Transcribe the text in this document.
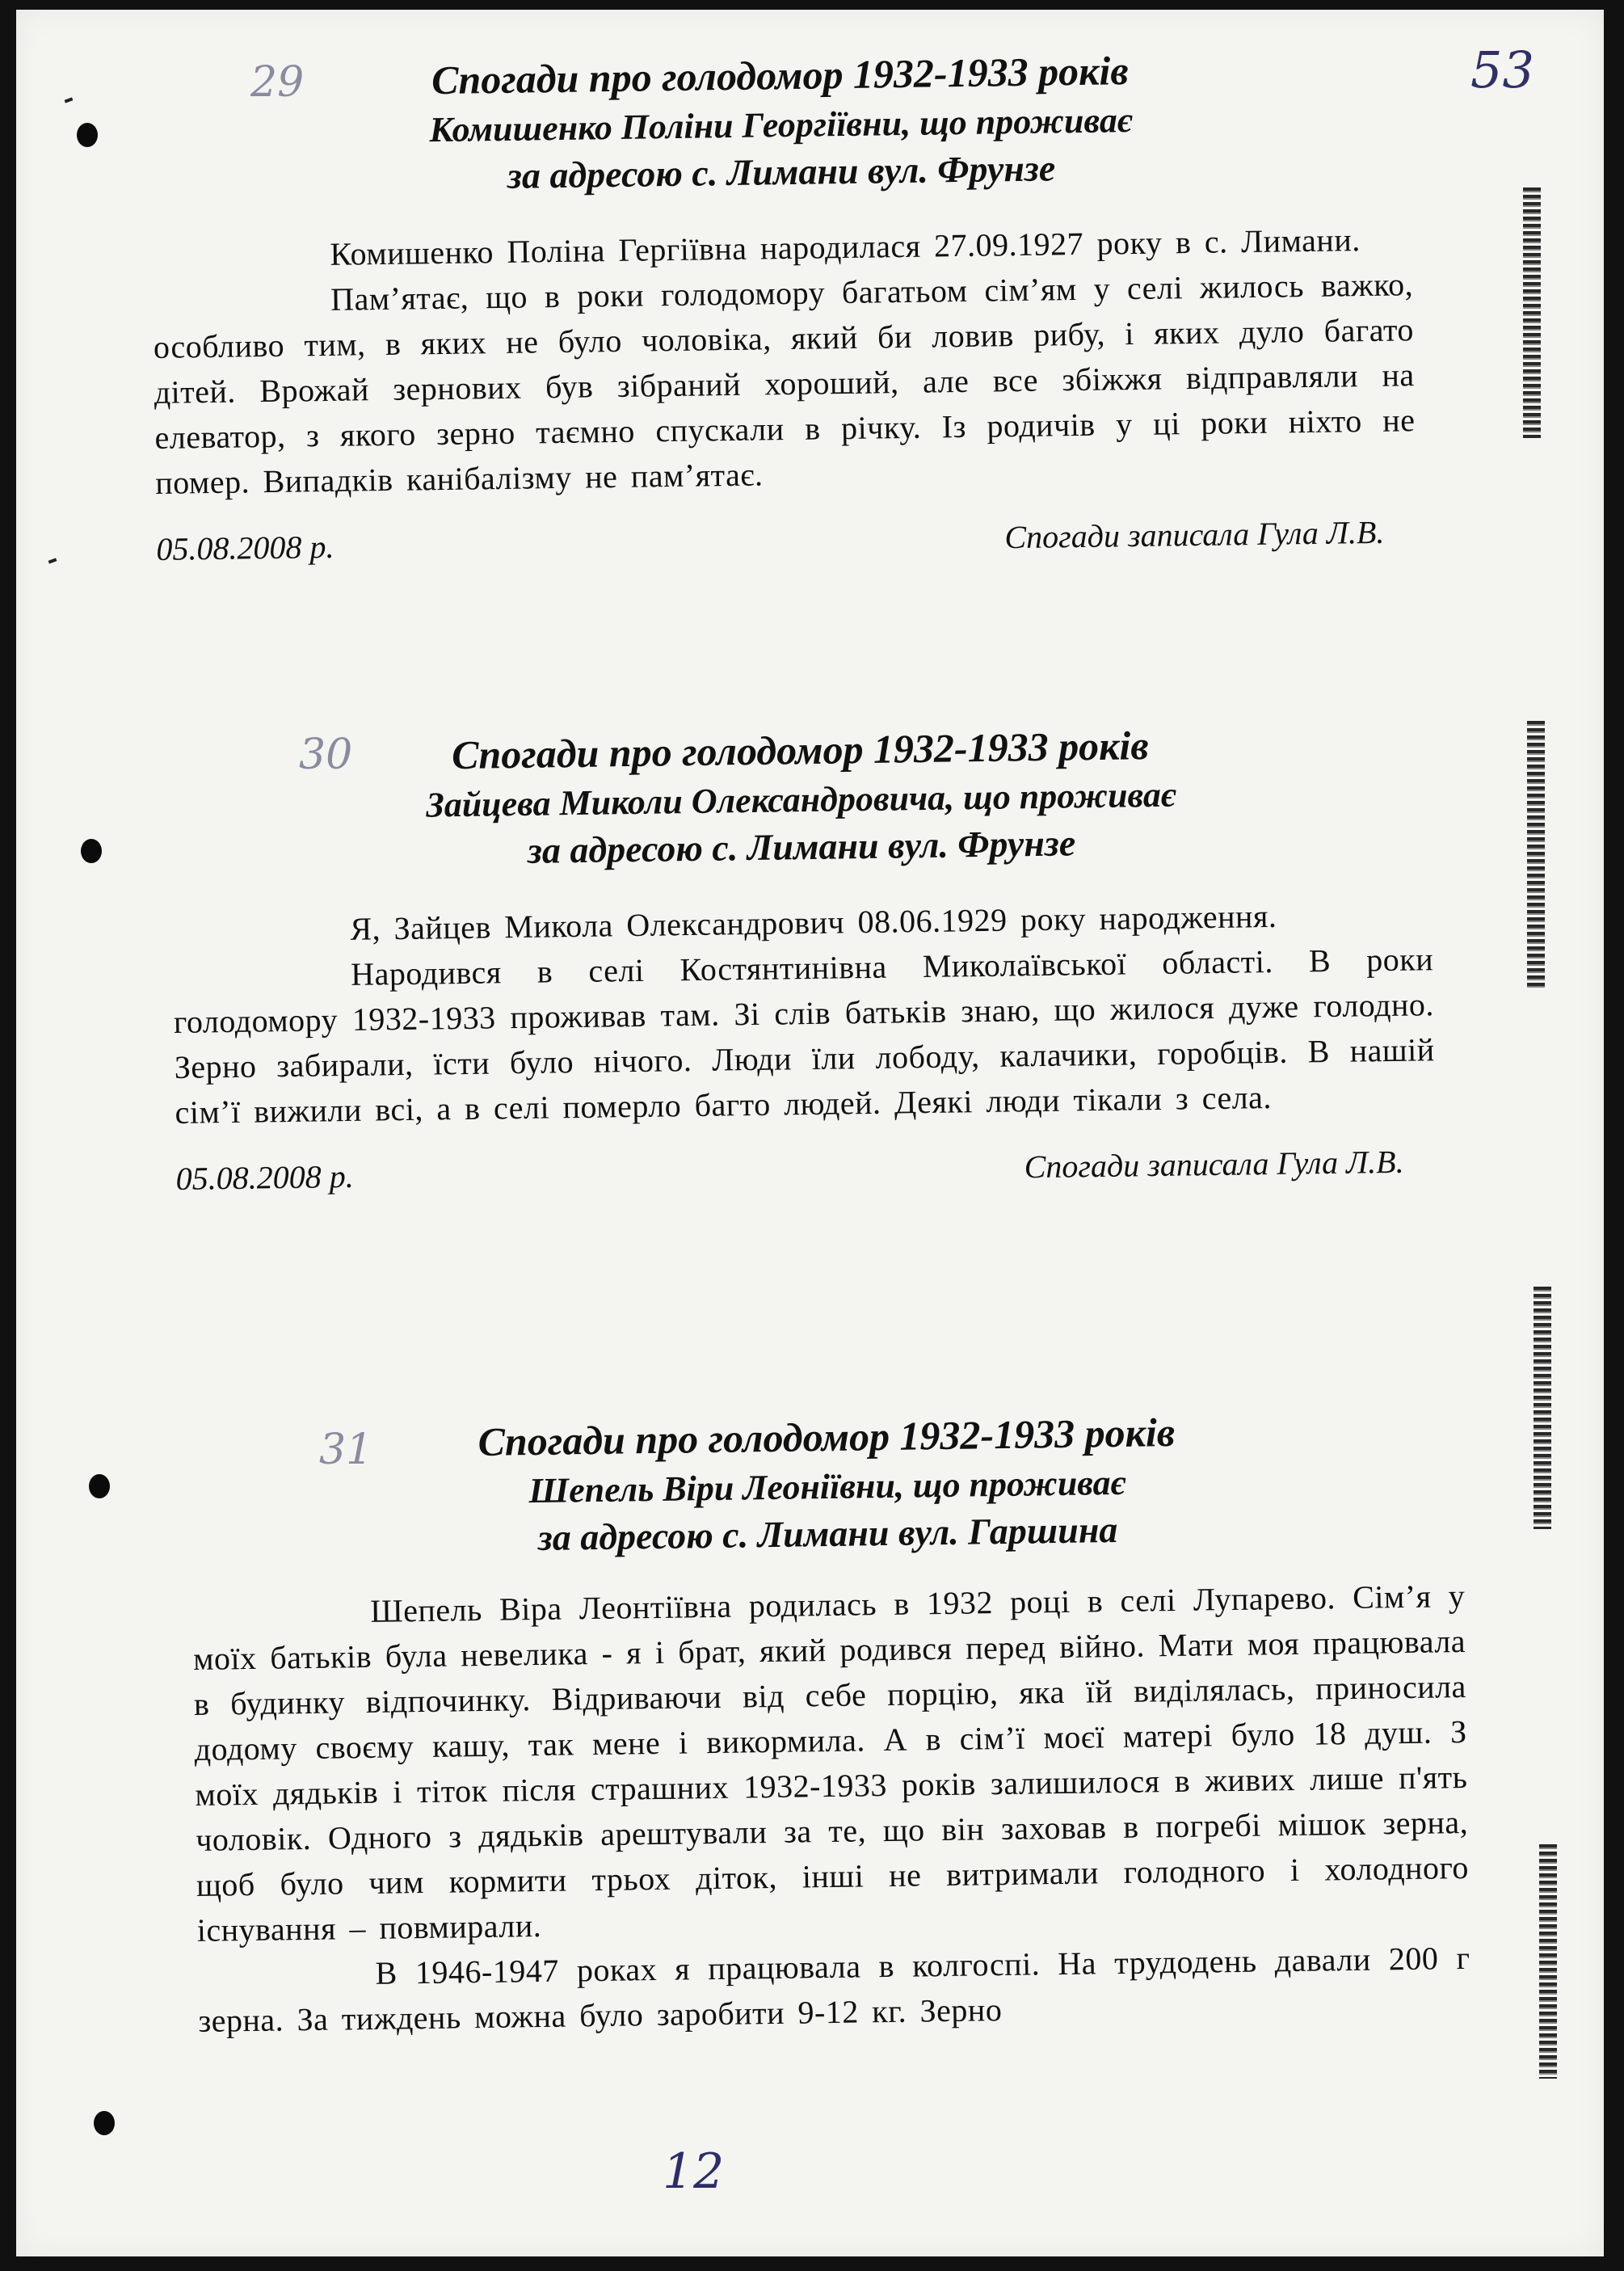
53
12
29
30
31
Спогади про голодомор 1932-1933 років
Комишенко Поліни Георгіївни, що проживає
за адресою с. Лимани вул. Фрунзе

Комишенко Поліна Гергіївна народилася 27.09.1927 року в с. Лимани.

Пам’ятає, що в роки голодомору багатьом сім’ям у селі жилось важко, особливо тим, в яких не було чоловіка, який би ловив рибу, і яких дуло багато дітей. Врожай зернових був зібраний хороший, але все збіжжя відправляли на елеватор, з якого зерно таємно спускали в річку. Із родичів у ці роки ніхто не помер. Випадків канібалізму не пам’ятає.

05.08.2008 р.	Спогади записала Гула Л.В.
Спогади про голодомор 1932-1933 років
Зайцева Миколи Олександровича, що проживає
за адресою с. Лимани вул. Фрунзе

Я, Зайцев Микола Олександрович 08.06.1929 року народження.

Народився в селі Костянтинівна Миколаївської області. В роки голодомору 1932-1933 проживав там. Зі слів батьків знаю, що жилося дуже голодно. Зерно забирали, їсти було нічого. Люди їли лободу, калачики, горобців. В нашій сім’ї вижили всі, а в селі померло багто людей. Деякі люди тікали з села.

05.08.2008 р.	Спогади записала Гула Л.В.
Спогади про голодомор 1932-1933 років
Шепель Віри Леоніївни, що проживає
за адресою с. Лимани вул. Гаршина

Шепель Віра Леонтіївна родилась в 1932 році в селі Лупарево. Сім’я у моїх батьків була невелика - я і брат, який родився перед війно. Мати моя працювала в будинку відпочинку. Відриваючи від себе порцію, яка їй виділялась, приносила додому своєму кашу, так мене і викормила. А в сім’ї моєї матері було 18 душ. З моїх дядьків і тіток після страшних 1932-1933 років залишилося в живих лише п'ять чоловік. Одного з дядьків арештували за те, що він заховав в погребі мішок зерна, щоб було чим кормити трьох діток, інші не витримали голодного і холодного існування – повмирали.

В 1946-1947 роках я працювала в колгоспі. На трудодень давали 200 г зерна. За тиждень можна було заробити 9-12 кг. Зерно
